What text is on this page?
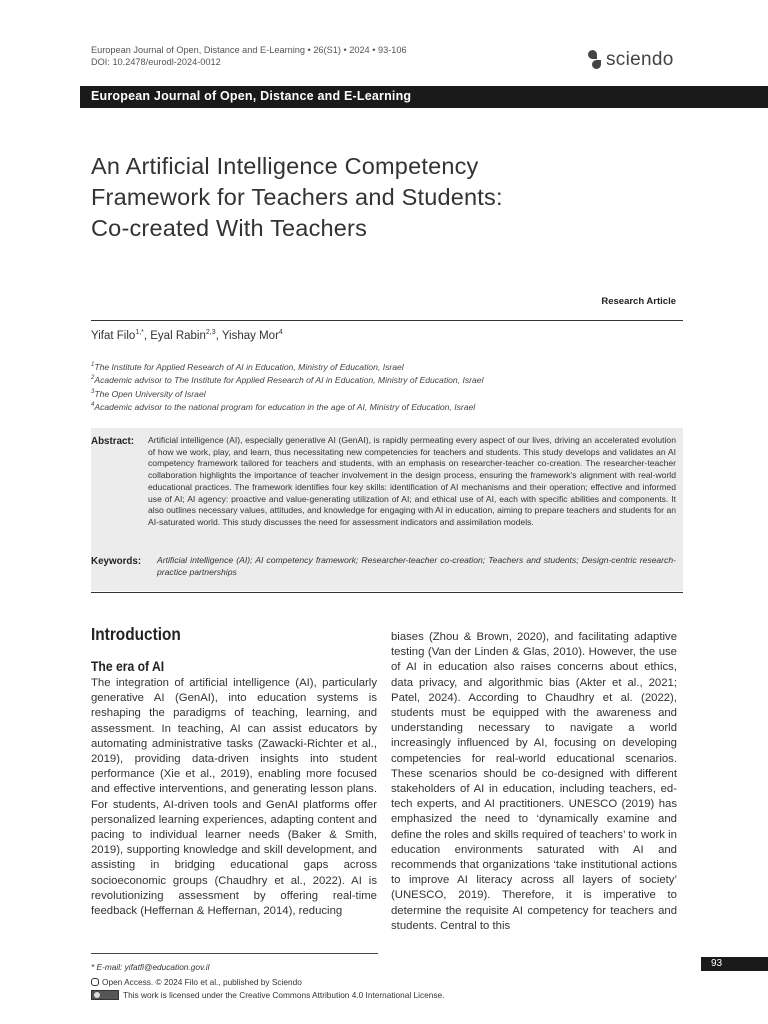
European Journal of Open, Distance and E-Learning • 26(S1) • 2024 • 93-106
DOI: 10.2478/eurodl-2024-0012	sciendo
European Journal of Open, Distance and E-Learning
An Artificial Intelligence Competency
Framework for Teachers and Students:
Co-created With Teachers
Research Article
Yifat Filo$^{1,*}$, Eyal Rabin$^{2,3}$, Yishay Mor$^4$
$^1$The Institute for Applied Research of AI in Education, Ministry of Education, Israel
$^2$Academic advisor to The Institute for Applied Research of AI in Education, Ministry of Education, Israel
$^3$The Open University of Israel
$^4$Academic advisor to the national program for education in the age of AI, Ministry of Education, Israel
Abstract: Artificial intelligence (AI), especially generative AI (GenAI), is rapidly permeating every aspect of our lives, driving an accelerated evolution of how we work, play, and learn, thus necessitating new competencies for teachers and students. This study develops and validates an AI competency framework tailored for teachers and students, with an emphasis on researcher-teacher co-creation. The researcher-teacher collaboration highlights the importance of teacher involvement in the design process, ensuring the framework's alignment with real-world educational practices. The framework identifies four key skills: identification of AI mechanisms and their operation; effective and informed use of AI; AI agency: proactive and value-generating utilization of AI; and ethical use of AI, each with specific abilities and components. It also outlines necessary values, attitudes, and knowledge for engaging with AI in education, aiming to prepare teachers and students for an AI-saturated world. This study discusses the need for assessment indicators and assimilation models.
Keywords: Artificial intelligence (AI); AI competency framework; Researcher-teacher co-creation; Teachers and students; Design-centric research-practice partnerships
Introduction
The era of AI
The integration of artificial intelligence (AI), particularly generative AI (GenAI), into education systems is reshaping the paradigms of teaching, learning, and assessment. In teaching, AI can assist educators by automating administrative tasks (Zawacki-Richter et al., 2019), providing data-driven insights into student performance (Xie et al., 2019), enabling more focused and effective interventions, and generating lesson plans. For students, AI-driven tools and GenAI platforms offer personalized learning experiences, adapting content and pacing to individual learner needs (Baker & Smith, 2019), supporting knowledge and skill development, and assisting in bridging educational gaps across socioeconomic groups (Chaudhry et al., 2022). AI is revolutionizing assessment by offering real-time feedback (Heffernan & Heffernan, 2014), reducing
biases (Zhou & Brown, 2020), and facilitating adaptive testing (Van der Linden & Glas, 2010). However, the use of AI in education also raises concerns about ethics, data privacy, and algorithmic bias (Akter et al., 2021; Patel, 2024). According to Chaudhry et al. (2022), students must be equipped with the awareness and understanding necessary to navigate a world increasingly influenced by AI, focusing on developing competencies for real-world educational scenarios. These scenarios should be co-designed with different stakeholders of AI in education, including teachers, ed-tech experts, and AI practitioners. UNESCO (2019) has emphasized the need to ‘dynamically examine and define the roles and skills required of teachers’ to work in education environments saturated with AI and recommends that organizations ‘take institutional actions to improve AI literacy across all layers of society’ (UNESCO, 2019). Therefore, it is imperative to determine the requisite AI competency for teachers and students. Central to this
* E-mail: yifatfi@education.gov.il
Open Access. © 2024 Filo et al., published by Sciendo
This work is licensed under the Creative Commons Attribution 4.0 International License.
93
